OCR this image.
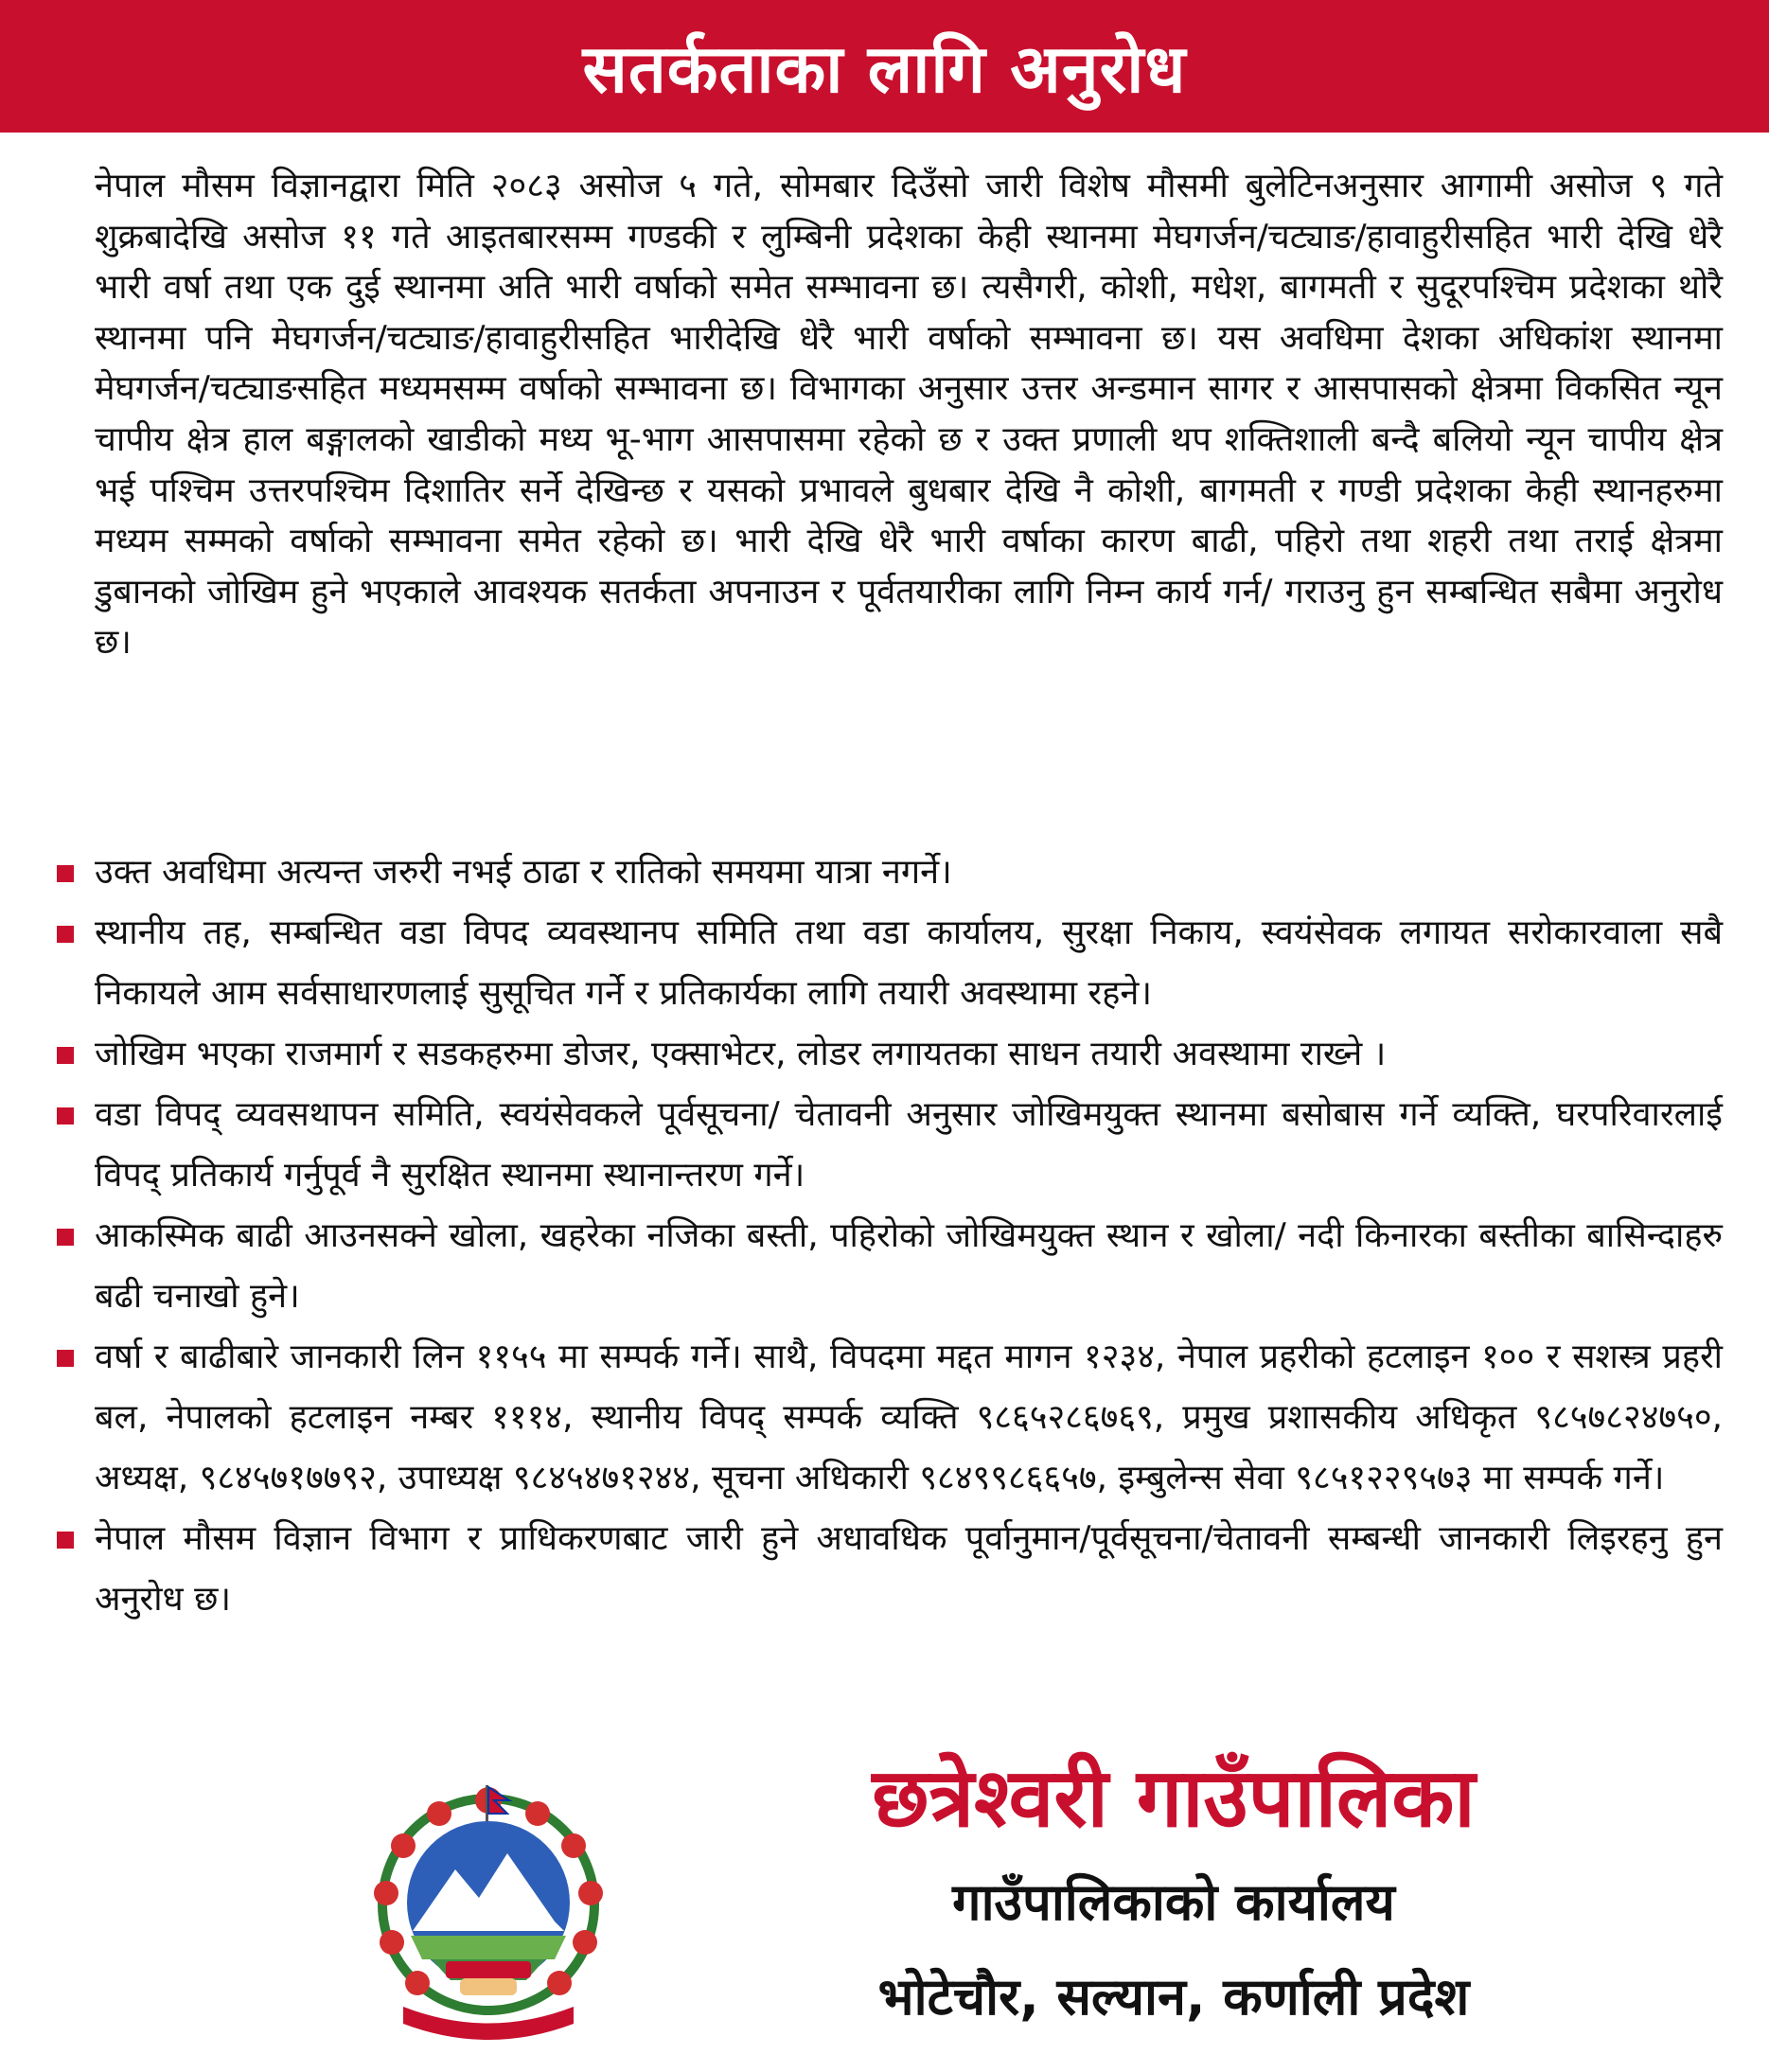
सतर्कताका लागि अनुरोध

नेपाल मौसम विज्ञानद्वारा मिति २०८३ असोज ५ गते, सोमबार दिउँसो जारी विशेष मौसमी बुलेटिनअनुसार आगामी असोज ९ गते शुक्रबादेखि असोज ११ गते आइतबारसम्म गण्डकी र लुम्बिनी प्रदेशका केही स्थानमा मेघगर्जन/चट्याङ/हावाहुरीसहित भारी देखि धेरै भारी वर्षा तथा एक दुई स्थानमा अति भारी वर्षाको समेत सम्भावना छ। त्यसैगरी, कोशी, मधेश, बागमती र सुदूरपश्चिम प्रदेशका थोरै स्थानमा पनि मेघगर्जन/चट्याङ/हावाहुरीसहित भारीदेखि धेरै भारी वर्षाको सम्भावना छ। यस अवधिमा देशका अधिकांश स्थानमा मेघगर्जन/चट्याङसहित मध्यमसम्म वर्षाको सम्भावना छ। विभागका अनुसार उत्तर अन्डमान सागर र आसपासको क्षेत्रमा विकसित न्यून चापीय क्षेत्र हाल बङ्गालको खाडीको मध्य भू-भाग आसपासमा रहेको छ र उक्त प्रणाली थप शक्तिशाली बन्दै बलियो न्यून चापीय क्षेत्र भई पश्चिम उत्तरपश्चिम दिशातिर सर्ने देखिन्छ र यसको प्रभावले बुधबार देखि नै कोशी, बागमती र गण्डी प्रदेशका केही स्थानहरुमा मध्यम सम्मको वर्षाको सम्भावना समेत रहेको छ। भारी देखि धेरै भारी वर्षाका कारण बाढी, पहिरो तथा शहरी तथा तराई क्षेत्रमा डुबानको जोखिम हुने भएकाले आवश्यक सतर्कता अपनाउन र पूर्वतयारीका लागि निम्न कार्य गर्न/ गराउनु हुन सम्बन्धित सबैमा अनुरोध छ।

उक्त अवधिमा अत्यन्त जरुरी नभई ठाढा र रातिको समयमा यात्रा नगर्ने।
स्थानीय तह, सम्बन्धित वडा विपद व्यवस्थानप समिति तथा वडा कार्यालय, सुरक्षा निकाय, स्वयंसेवक लगायत सरोकारवाला सबै निकायले आम सर्वसाधारणलाई सुसूचित गर्ने र प्रतिकार्यका लागि तयारी अवस्थामा रहने।
जोखिम भएका राजमार्ग र सडकहरुमा डोजर, एक्साभेटर, लोडर लगायतका साधन तयारी अवस्थामा राख्ने ।
वडा विपद् व्यवसथापन समिति, स्वयंसेवकले पूर्वसूचना/ चेतावनी अनुसार जोखिमयुक्त स्थानमा बसोबास गर्ने व्यक्ति, घरपरिवारलाई विपद् प्रतिकार्य गर्नुपूर्व नै सुरक्षित स्थानमा स्थानान्तरण गर्ने।
आकस्मिक बाढी आउनसक्ने खोला, खहरेका नजिका बस्ती, पहिरोको जोखिमयुक्त स्थान र खोला/ नदी किनारका बस्तीका बासिन्दाहरु बढी चनाखो हुने।
वर्षा र बाढीबारे जानकारी लिन ११५५ मा सम्पर्क गर्ने। साथै, विपदमा मद्दत मागन १२३४, नेपाल प्रहरीको हटलाइन १०० र सशस्त्र प्रहरी बल, नेपालको हटलाइन नम्बर १११४, स्थानीय विपद् सम्पर्क व्यक्ति ९८६५२८६७६९, प्रमुख प्रशासकीय अधिकृत ९८५७८२४७५०, अध्यक्ष, ९८४५७१७७९२, उपाध्यक्ष ९८४५४७१२४४, सूचना अधिकारी ९८४९९८६६५७, इम्बुलेन्स सेवा ९८५१२२९५७३ मा सम्पर्क गर्ने।
नेपाल मौसम विज्ञान विभाग र प्राधिकरणबाट जारी हुने अधावधिक पूर्वानुमान/पूर्वसूचना/चेतावनी सम्बन्धी जानकारी लिइरहनु हुन अनुरोध छ।
छत्रेश्वरी गाउँपालिका
गाउँपालिकाको कार्यालय
भोटेचौर, सल्यान, कर्णाली प्रदेश
